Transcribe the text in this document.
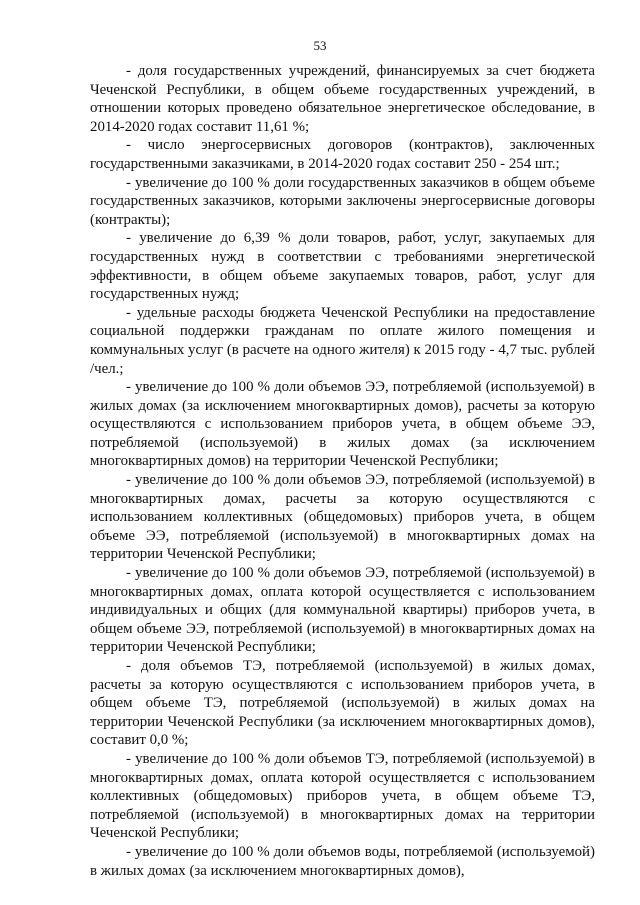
53

- доля государственных учреждений, финансируемых за счет бюджета Чеченской Республики, в общем объеме государственных учреждений, в отношении которых проведено обязательное энергетическое обследование, в 2014-2020 годах составит 11,61 %;

- число энергосервисных договоров (контрактов), заключенных государственными заказчиками, в 2014-2020 годах составит 250 - 254 шт.;

- увеличение до 100 % доли государственных заказчиков в общем объеме государственных заказчиков, которыми заключены энергосервисные договоры (контракты);

- увеличение до 6,39 % доли товаров, работ, услуг, закупаемых для государственных нужд в соответствии с требованиями энергетической эффективности, в общем объеме закупаемых товаров, работ, услуг для государственных нужд;

- удельные расходы бюджета Чеченской Республики на предоставление социальной поддержки гражданам по оплате жилого помещения и коммунальных услуг (в расчете на одного жителя) к 2015 году - 4,7 тыс. рублей /чел.;

- увеличение до 100 % доли объемов ЭЭ, потребляемой (используемой) в жилых домах (за исключением многоквартирных домов), расчеты за которую осуществляются с использованием приборов учета, в общем объеме ЭЭ, потребляемой (используемой) в жилых домах (за исключением многоквартирных домов) на территории Чеченской Республики;

- увеличение до 100 % доли объемов ЭЭ, потребляемой (используемой) в многоквартирных домах, расчеты за которую осуществляются с использованием коллективных (общедомовых) приборов учета, в общем объеме ЭЭ, потребляемой (используемой) в многоквартирных домах на территории Чеченской Республики;

- увеличение до 100 % доли объемов ЭЭ, потребляемой (используемой) в многоквартирных домах, оплата которой осуществляется с использованием индивидуальных и общих (для коммунальной квартиры) приборов учета, в общем объеме ЭЭ, потребляемой (используемой) в многоквартирных домах на территории Чеченской Республики;

- доля объемов ТЭ, потребляемой (используемой) в жилых домах, расчеты за которую осуществляются с использованием приборов учета, в общем объеме ТЭ, потребляемой (используемой) в жилых домах на территории Чеченской Республики (за исключением многоквартирных домов), составит 0,0 %;

- увеличение до 100 % доли объемов ТЭ, потребляемой (используемой) в многоквартирных домах, оплата которой осуществляется с использованием коллективных (общедомовых) приборов учета, в общем объеме ТЭ, потребляемой (используемой) в многоквартирных домах на территории Чеченской Республики;

- увеличение до 100 % доли объемов воды, потребляемой (используемой) в жилых домах (за исключением многоквартирных домов),
